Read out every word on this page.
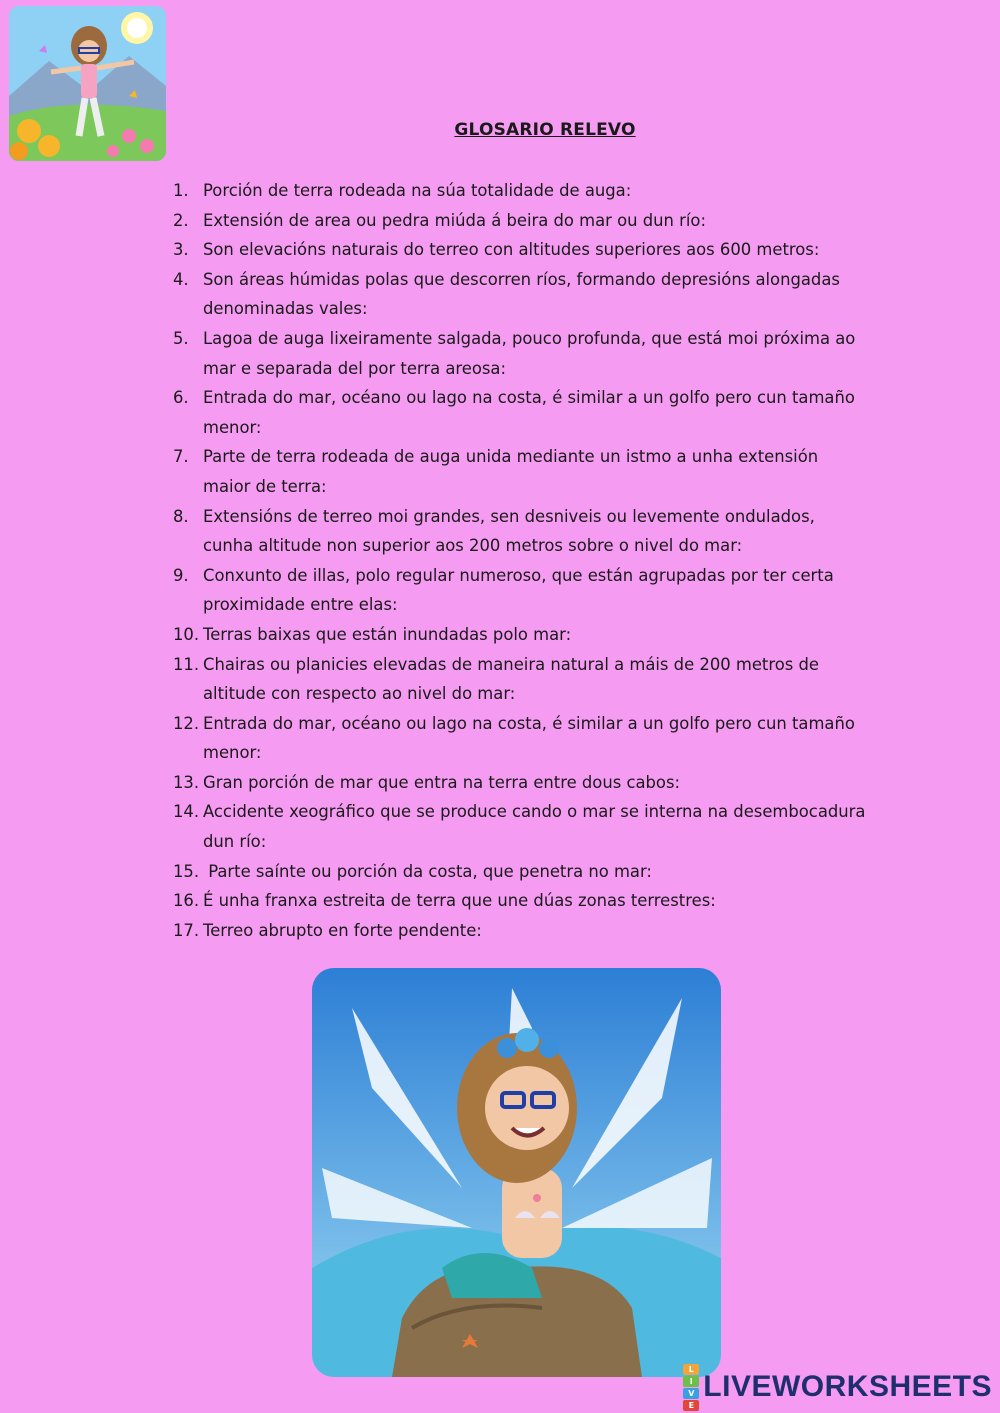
GLOSARIO RELEVO
1. Porción de terra rodeada na súa totalidade de auga:
2. Extensión de area ou pedra miúda á beira do mar ou dun río:
3. Son elevacións naturais do terreo con altitudes superiores aos 600 metros:
4. Son áreas húmidas polas que descorren ríos, formando depresións alongadas denominadas vales:
5. Lagoa de auga lixeiramente salgada, pouco profunda, que está moi próxima ao mar e separada del por terra areosa:
6. Entrada do mar, océano ou lago na costa, é similar a un golfo pero cun tamaño menor:
7. Parte de terra rodeada de auga unida mediante un istmo a unha extensión maior de terra:
8. Extensións de terreo moi grandes, sen desniveis ou levemente ondulados, cunha altitude non superior aos 200 metros sobre o nivel do mar:
9. Conxunto de illas, polo regular numeroso, que están agrupadas por ter certa proximidade entre elas:
10. Terras baixas que están inundadas polo mar:
11. Chairas ou planicies elevadas de maneira natural a máis de 200 metros de altitude con respecto ao nivel do mar:
12. Entrada do mar, océano ou lago na costa, é similar a un golfo pero cun tamaño menor:
13. Gran porción de mar que entra na terra entre dous cabos:
14. Accidente xeográfico que se produce cando o mar se interna na desembocadura dun río:
15. Parte saínte ou porción da costa, que penetra no mar:
16. É unha franxa estreita de terra que une dúas zonas terrestres:
17. Terreo abrupto en forte pendente:
L
I
V
E
LIVEWORKSHEETS
